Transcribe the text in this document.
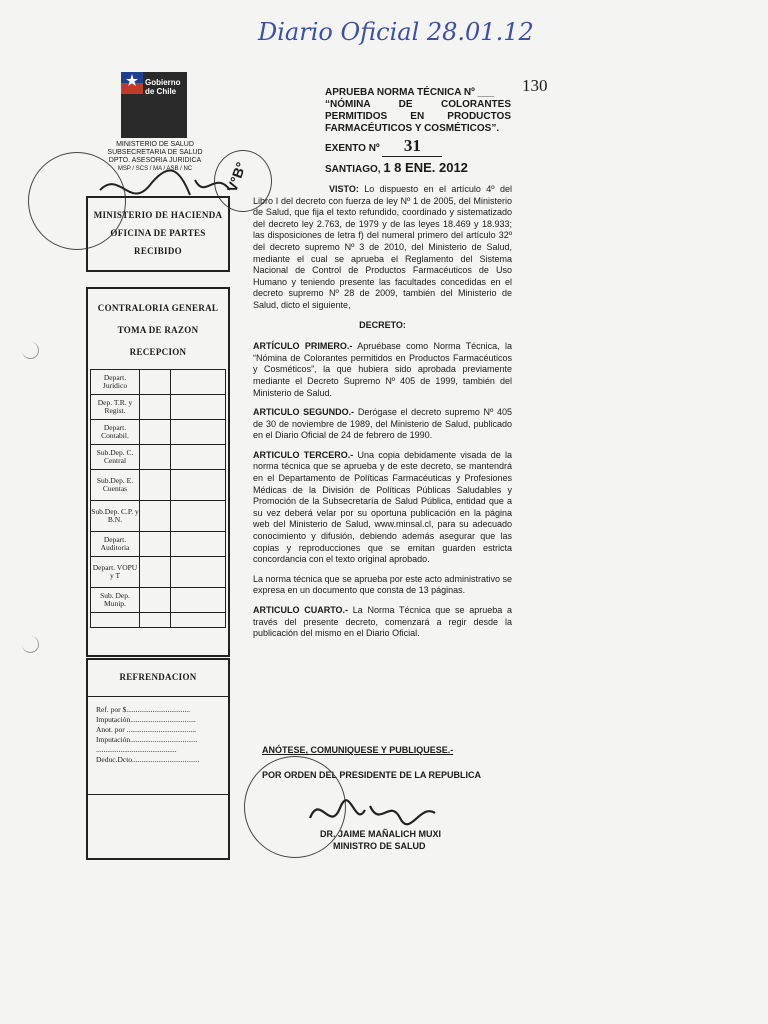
Diario Oficial 28.01.12
130
Gobierno de Chile
MINISTERIO DE SALUD
SUBSECRETARIA DE SALUD
DPTO. ASESORIA JURIDICA
MSP / SCS / MA / ASB / NC	V°B°
MINISTERIO DE HACIENDA
OFICINA DE PARTES
RECIBIDO
CONTRALORIA GENERAL
TOMA DE RAZON
RECEPCION
Depart. Jurídico		
Dep. T.R. y Regist.		
Depart. Contabil.		
Sub.Dep. C. Central		
Sub.Dep. E. Cuentas		
Sub.Dep. C.P. y B.N.		
Depart. Auditoria		
Depart. VOPU y T		
Sub. Dep. Munip.		

REFRENDACION
Ref. por $..................................
Imputación...................................
Anot. por .....................................
Imputación....................................
...........................................
Deduc.Dcto....................................
APRUEBA NORMA TÉCNICA Nº ___
“NÓMINA DE COLORANTES
PERMITIDOS EN PRODUCTOS
FARMACÉUTICOS Y COSMÉTICOS”.
EXENTO Nº 31
SANTIAGO, 1 8 ENE. 2012

VISTO: Lo dispuesto en el artículo 4º del Libro I del decreto con fuerza de ley Nº 1 de 2005, del Ministerio de Salud, que fija el texto refundido, coordinado y sistematizado del decreto ley 2.763, de 1979 y de las leyes 18.469 y 18.933; las disposiciones de letra f) del numeral primero del artículo 32º del decreto supremo Nº 3 de 2010, del Ministerio de Salud, mediante el cual se aprueba el Reglamento del Sistema Nacional de Control de Productos Farmacéuticos de Uso Humano y teniendo presente las facultades concedidas en el decreto supremo Nº 28 de 2009, también del Ministerio de Salud, dicto el siguiente,

DECRETO:

ARTÍCULO PRIMERO.- Apruébase como Norma Técnica, la “Nómina de Colorantes permitidos en Productos Farmacéuticos y Cosméticos”, la que hubiera sido aprobada previamente mediante el Decreto Supremo Nº 405 de 1999, también del Ministerio de Salud.

ARTICULO SEGUNDO.- Derógase el decreto supremo Nº 405 de 30 de noviembre de 1989, del Ministerio de Salud, publicado en el Diario Oficial de 24 de febrero de 1990.

ARTICULO TERCERO.- Una copia debidamente visada de la norma técnica que se aprueba y de este decreto, se mantendrá en el Departamento de Políticas Farmacéuticas y Profesiones Médicas de la División de Políticas Públicas Saludables y Promoción de la Subsecretaría de Salud Pública, entidad que a su vez deberá velar por su oportuna publicación en la página web del Ministerio de Salud, www.minsal.cl, para su adecuado conocimiento y difusión, debiendo además asegurar que las copias y reproducciones que se emitan guarden estricta concordancia con el texto original aprobado.

La norma técnica que se aprueba por este acto administrativo se expresa en un documento que consta de 13 páginas.

ARTICULO CUARTO.- La Norma Técnica que se aprueba a través del presente decreto, comenzará a regir desde la publicación del mismo en el Diario Oficial.

ANÓTESE, COMUNIQUESE Y PUBLIQUESE.-
POR ORDEN DEL PRESIDENTE DE LA REPUBLICA
DR. JAIME MAÑALICH MUXI
MINISTRO DE SALUD
